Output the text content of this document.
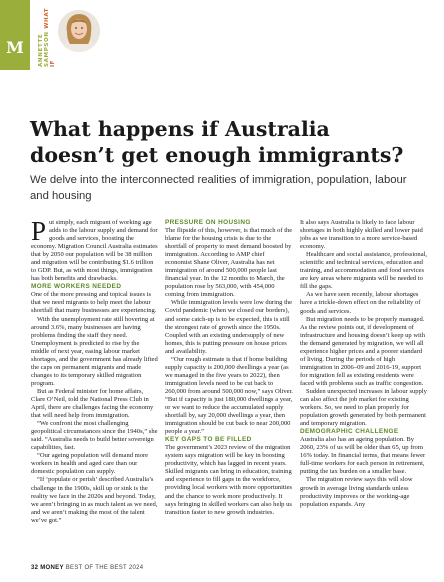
M	ANNETTE SAMPSON WHAT IF
What happens if Australia doesn’t get enough immigrants?
We delve into the interconnected realities of immigration, population, labour and housing

Put simply, each migrant of working age adds to the labour supply and demand for goods and services, boosting the economy. Migration Council Australia estimates that by 2050 our population will be 38 million and migration will be contributing $1.6 trillion to GDP. But, as with most things, immigration has both benefits and drawbacks.

MORE WORKERS NEEDED

One of the more pressing and topical issues is that we need migrants to help meet the labour shortfall that many businesses are experiencing.

With the unemployment rate still hovering at around 3.6%, many businesses are having problems finding the staff they need. Unemployment is predicted to rise by the middle of next year, easing labour market shortages, and the government has already lifted the caps on permanent migrants and made changes to its temporary skilled migration program.

But as Federal minister for home affairs, Clare O’Neil, told the National Press Club in April, there are challenges facing the economy that will need help from immigration.

“We confront the most challenging geopolitical circumstances since the 1940s,” she said. “Australia needs to build better sovereign capabilities, fast.

“Our ageing population will demand more workers in health and aged care than our domestic population can supply.

“If ‘populate or perish’ described Australia’s challenge in the 1900s, skill up or sink is the reality we face in the 2020s and beyond. Today, we aren’t bringing in as much talent as we need, and we aren’t making the most of the talent we’ve got.”

PRESSURE ON HOUSING

The flipside of this, however, is that much of the blame for the housing crisis is due to the shortfall of property to meet demand boosted by immigration. According to AMP chief economist Shane Oliver, Australia has net immigration of around 500,000 people last financial year. In the 12 months to March, the population rose by 563,000, with 454,000 coming from immigration.

While immigration levels were low during the Covid pandemic (when we closed our borders), and some catch-up is to be expected, this is still the strongest rate of growth since the 1950s. Coupled with an existing undersupply of new homes, this is putting pressure on house prices and availability.

“Our rough estimate is that if home building supply capacity is 200,000 dwellings a year (as we managed in the five years to 2022), then immigration levels need to be cut back to 260,000 from around 500,000 now,” says Oliver. “But if capacity is just 180,000 dwellings a year, or we want to reduce the accumulated supply shortfall by, say 20,000 dwellings a year, then immigration should be cut back to near 200,000 people a year.”

KEY GAPS TO BE FILLED

The government’s 2023 review of the migration system says migration will be key in boosting productivity, which has lagged in recent years. Skilled migrants can bring in education, training and experience to fill gaps in the workforce, providing local workers with more opportunities and the chance to work more productively. It says bringing in skilled workers can also help us transition faster to new growth industries.

It also says Australia is likely to face labour shortages in both highly skilled and lower paid jobs as we transition to a more service-based economy.

Healthcare and social assistance, professional, scientific and technical services, education and training, and accommodation and food services are key areas where migrants will be needed to fill the gaps.

As we have seen recently, labour shortages have a trickle-down effect on the reliability of goods and services.

But migration needs to be properly managed. As the review points out, if development of infrastructure and housing doesn’t keep up with the demand generated by migration, we will all experience higher prices and a poorer standard of living. During the periods of high immigration in 2006–09 and 2016-19, support for migration fell as existing residents were faced with problems such as traffic congestion.

Sudden unexpected increases in labour supply can also affect the job market for existing workers. So, we need to plan properly for population growth generated by both permanent and temporary migration.

DEMOGRAPHIC CHALLENGE

Australia also has an ageing population. By 2060, 23% of us will be older than 65, up from 16% today. In financial terms, that means fewer full-time workers for each person in retirement, putting the tax burden on a smaller base.

The migration review says this will slow growth in average living standards unless productivity improves or the working-age population expands. Any

32 MONEY BEST OF THE BEST 2024
